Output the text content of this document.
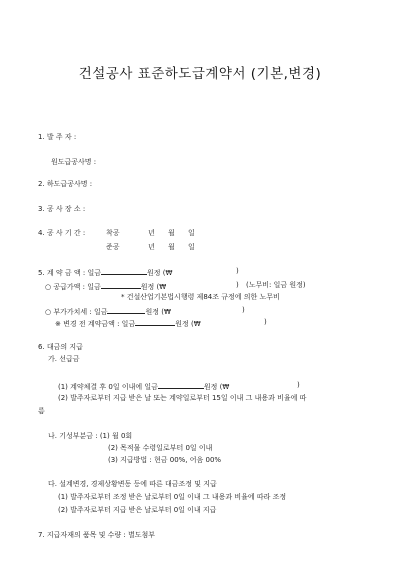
건설공사 표준하도급계약서 (기본,변경)
1. 발 주 자 :
원도급공사명 :
2. 하도급공사명 :
3. 공 사 장 소 :
4. 공 사 기 간 :	착공	년 월 일
준공	년 월 일
5. 계 약 금 액 : 일금	원정 (₩	)
○ 공급가액 : 일금	원정 (₩	) (노무비: 일금 원정)
* 건설산업기본법시행령 제84조 규정에 의한 노무비
○ 부가가치세 : 일금	원정 (₩	)
※ 변경 전 계약금액 : 일금	원정 (₩	)
6. 대금의 지급
가. 선급금
(1) 계약체결 후 0일 이내에 일금	원정 (₩	)
(2) 발주자로부터 지급 받은 날 또는 계약일로부터 15일 이내 그 내용과 비율에 따
름
나. 기성부분금 : (1) 월 0회
(2) 목적물 수령일로부터 0일 이내
(3) 지급방법 : 현금 00%, 어음 00%
다. 설계변경, 경제상황변동 등에 따른 대금조정 및 지급
(1) 발주자로부터 조정 받은 날로부터 0일 이내 그 내용과 비율에 따라 조정
(2) 발주자로부터 지급 받은 날로부터 0일 이내 지급
7. 지급자재의 품목 및 수량 : 별도첨부
